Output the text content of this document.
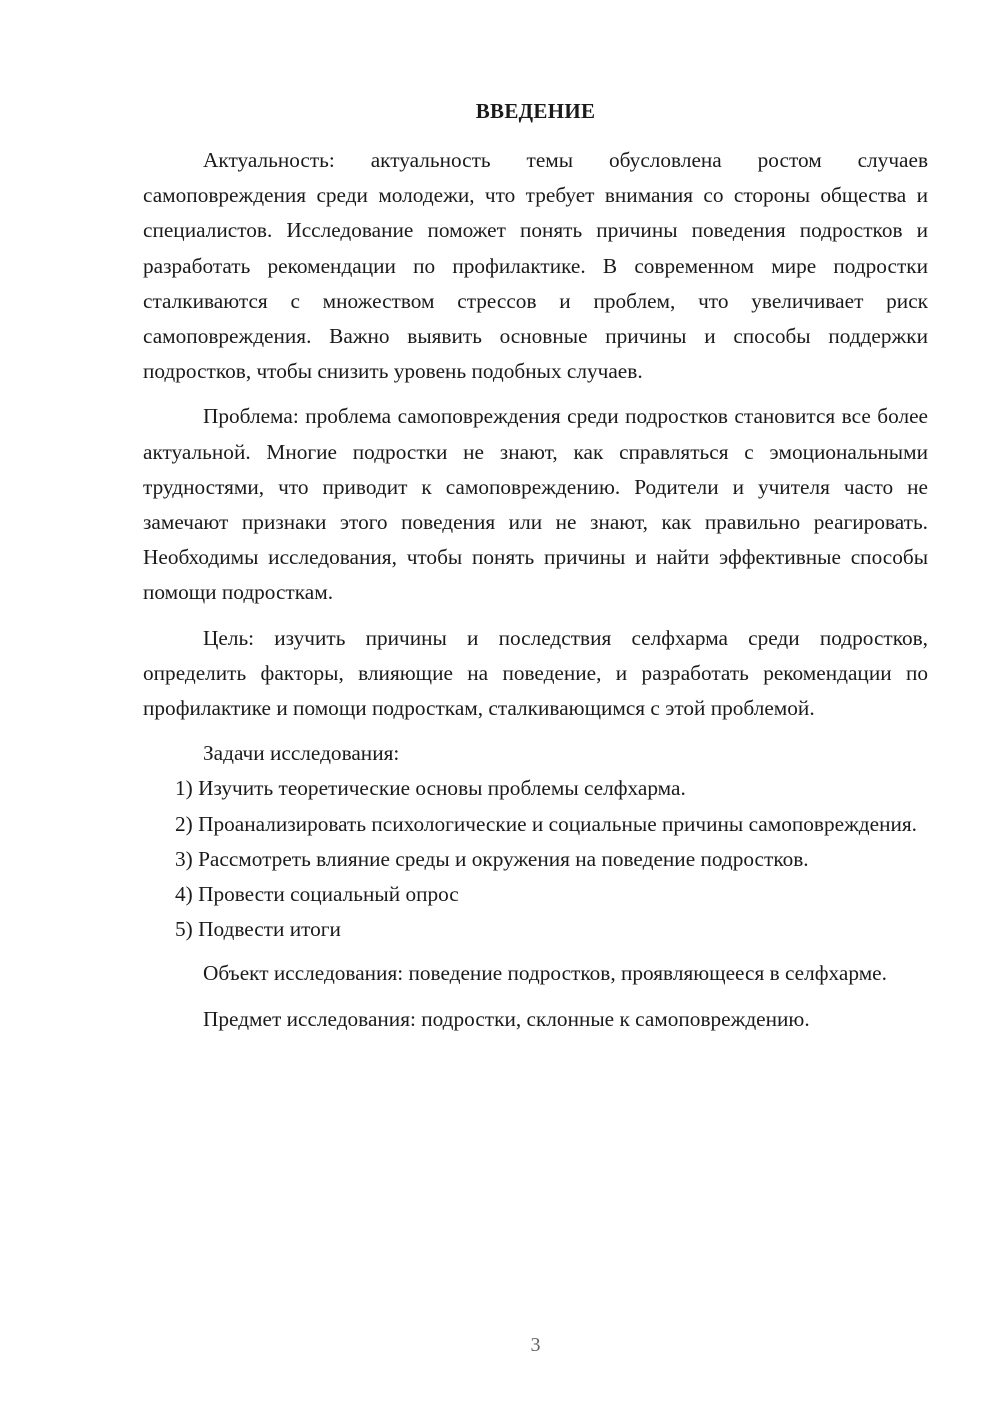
ВВЕДЕНИЕ

Актуальность: актуальность темы обусловлена ростом случаев самоповреждения среди молодежи, что требует внимания со стороны общества и специалистов. Исследование поможет понять причины поведения подростков и разработать рекомендации по профилактике. В современном мире подростки сталкиваются с множеством стрессов и проблем, что увеличивает риск самоповреждения. Важно выявить основные причины и способы поддержки подростков, чтобы снизить уровень подобных случаев.

Проблема: проблема самоповреждения среди подростков становится все более актуальной. Многие подростки не знают, как справляться с эмоциональными трудностями, что приводит к самоповреждению. Родители и учителя часто не замечают признаки этого поведения или не знают, как правильно реагировать. Необходимы исследования, чтобы понять причины и найти эффективные способы помощи подросткам.

Цель: изучить причины и последствия селфхарма среди подростков, определить факторы, влияющие на поведение, и разработать рекомендации по профилактике и помощи подросткам, сталкивающимся с этой проблемой.

Задачи исследования:

1) Изучить теоретические основы проблемы селфхарма.

2) Проанализировать психологические и социальные причины самоповреждения.

3) Рассмотреть влияние среды и окружения на поведение подростков.

4) Провести социальный опрос

5) Подвести итоги

Объект исследования: поведение подростков, проявляющееся в селфхарме.

Предмет исследования: подростки, склонные к самоповреждению.

3
